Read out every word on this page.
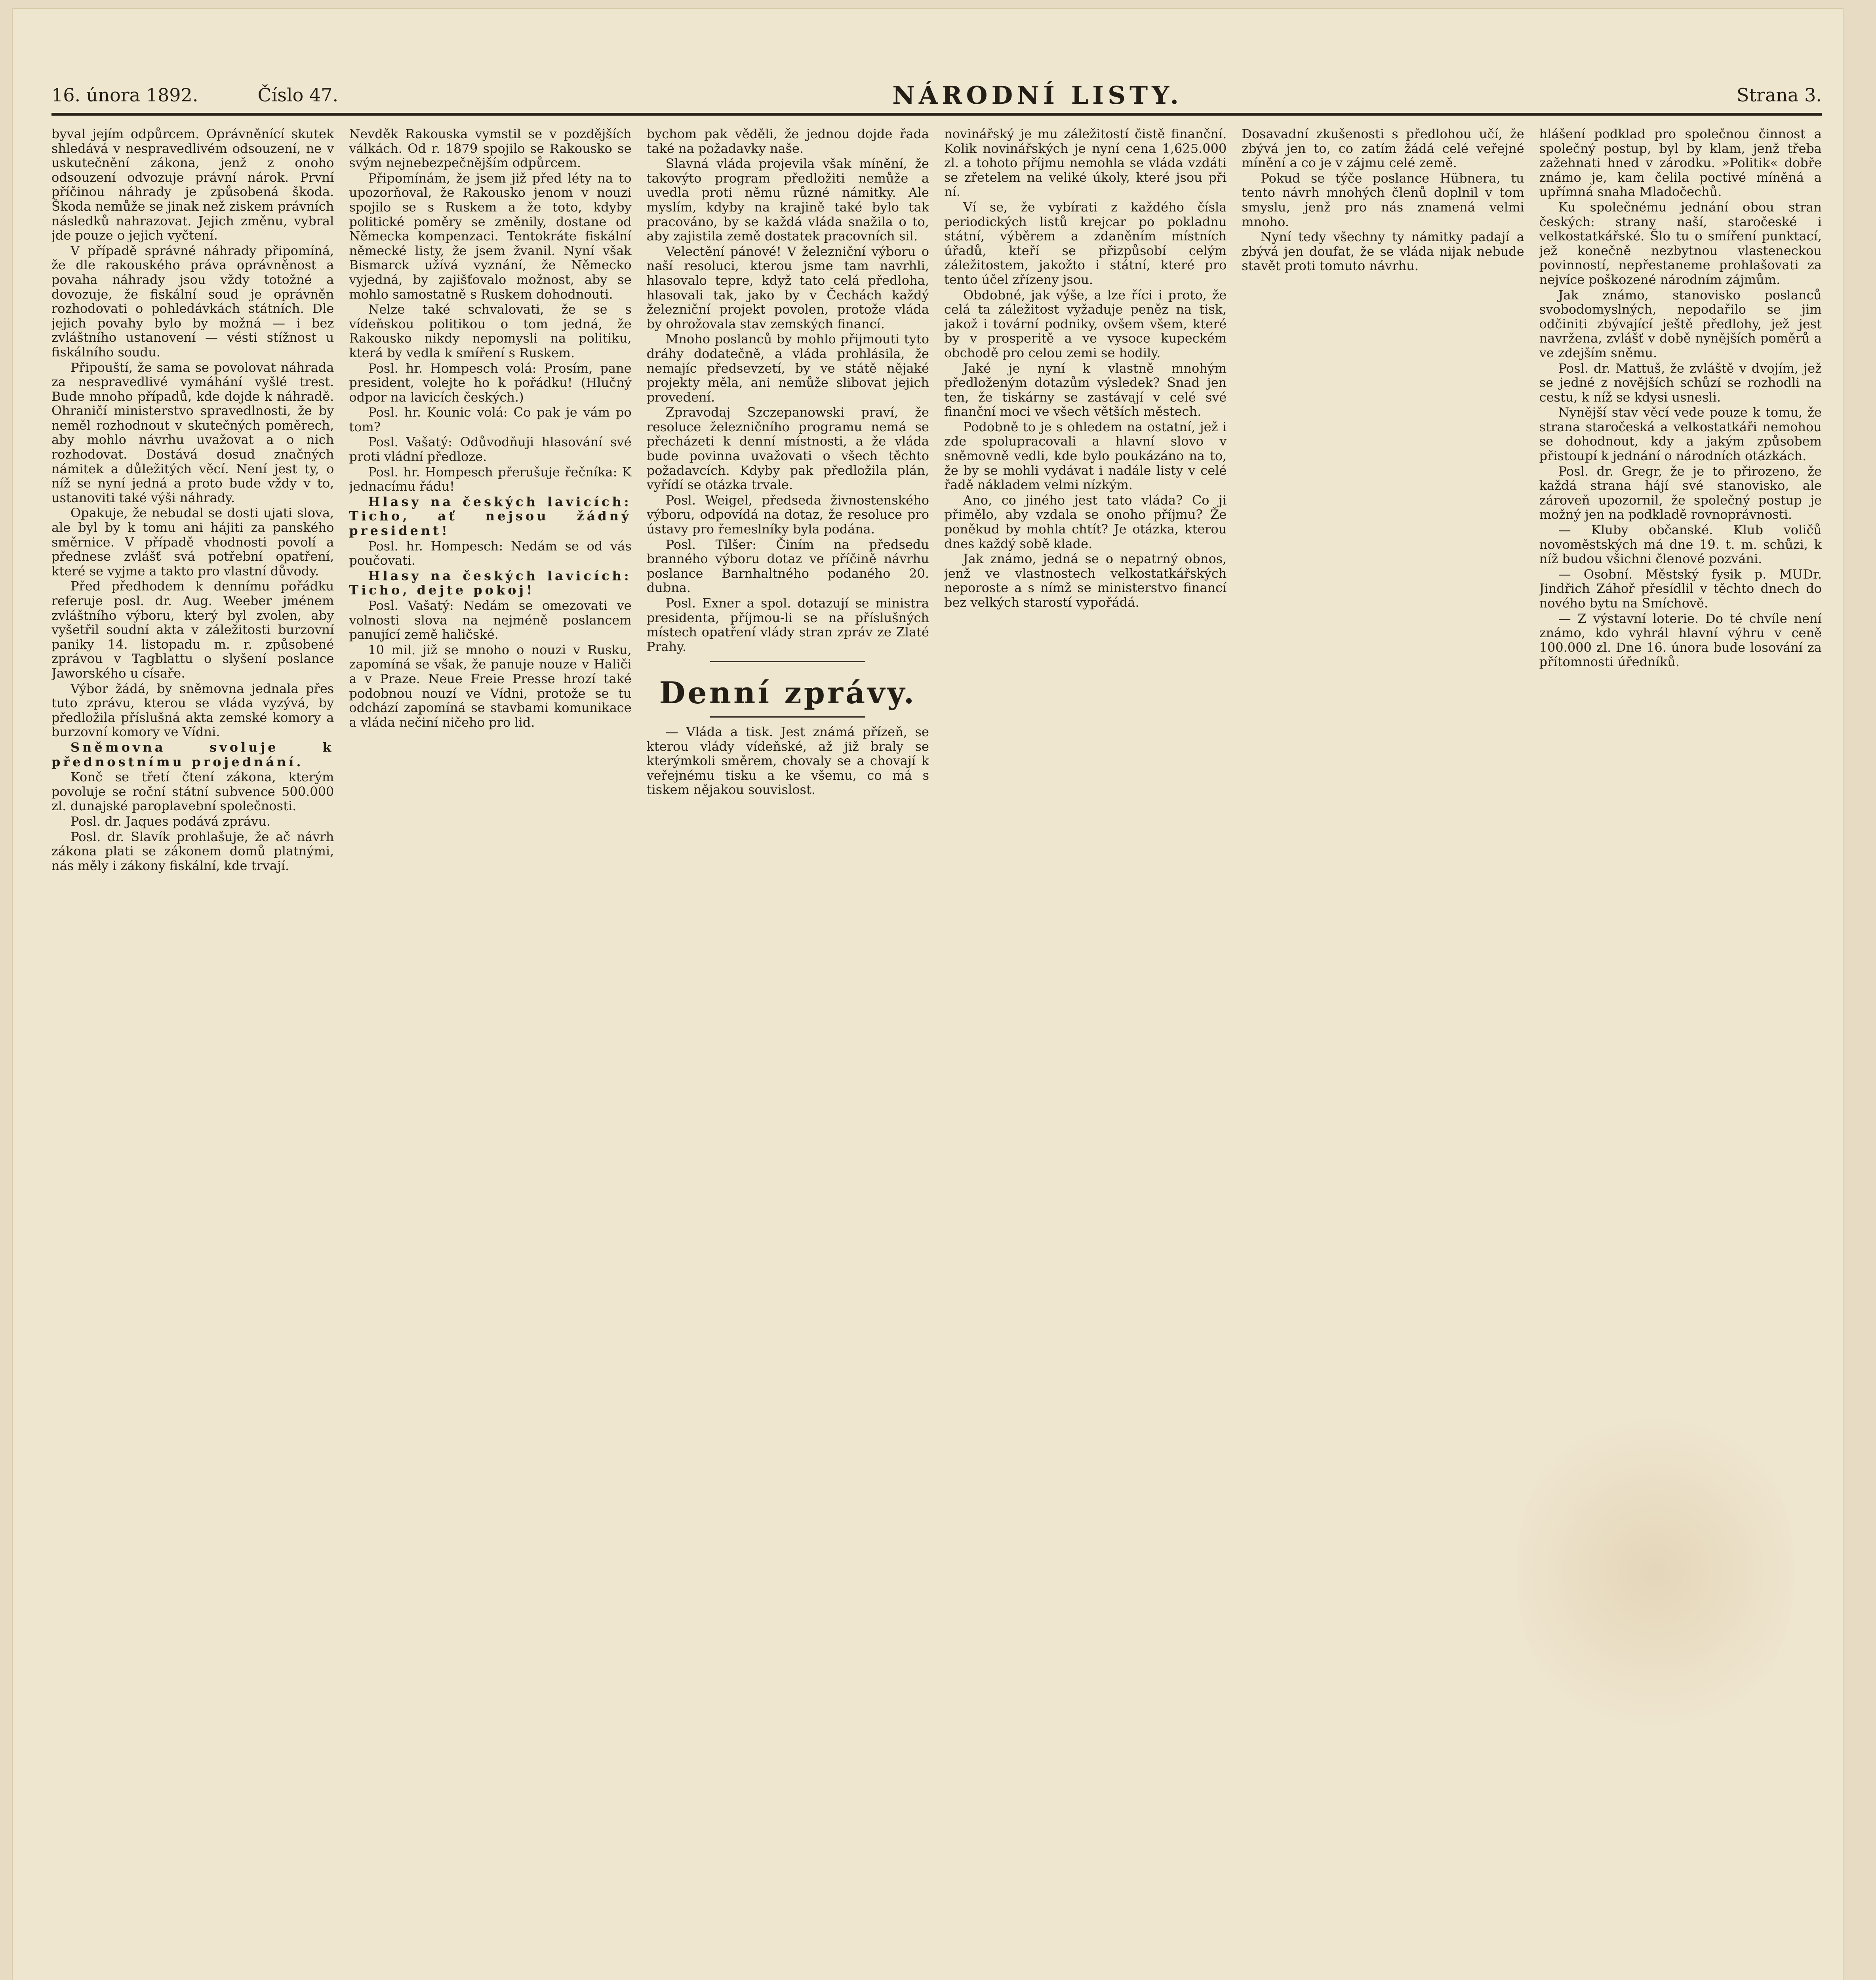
16. února 1892.	Číslo 47.	NÁRODNÍ LISTY.	Strana 3.

byval jejím odpůrcem. Oprávněnící skutek shledává v nespravedlivém odsouzení, ne v uskutečnění zákona, jenž z onoho odsouzení odvozuje právní nárok. První příčinou náhrady je způsobená škoda. Škoda nemůže se jinak než ziskem právních následků nahrazovat. Jejich změnu, vybral jde pouze o jejich vyčtení.

V případě správné náhrady připomíná, že dle rakouského práva oprávněnost a povaha náhrady jsou vždy totožné a dovozuje, že fiskální soud je oprávněn rozhodovati o pohledávkách státních. Dle jejich povahy bylo by možná — i bez zvláštního ustanovení — vésti stížnost u fiskálního soudu.

Připouští, že sama se povolovat náhrada za nespravedlivé vymáhání vyšlé trest. Bude mnoho případů, kde dojde k náhradě. Ohraničí ministerstvo spravedlnosti, že by neměl rozhodnout v skutečných poměrech, aby mohlo návrhu uvažovat a o nich rozhodovat. Dostává dosud značných námitek a důležitých věcí. Není jest ty, o níž se nyní jedná a proto bude vždy v to, ustanoviti také výši náhrady.

Opakuje, že nebudal se dosti ujati slova, ale byl by k tomu ani hájiti za panského směrnice. V případě vhodnosti povolí a přednese zvlášť svá potřební opatření, které se vyjme a takto pro vlastní důvody.

Před předhodem k dennímu pořádku referuje posl. dr. Aug. Weeber jménem zvláštního výboru, který byl zvolen, aby vyšetřil soudní akta v záležitosti burzovní paniky 14. listopadu m. r. způsobené zprávou v Tagblattu o slyšení poslance Jaworského u císaře.

Výbor žádá, by sněmovna jednala přes tuto zprávu, kterou se vláda vyzývá, by předložila příslušná akta zemské komory a burzovní komory ve Vídni.

Sněmovna svoluje k přednostnímu projednání.

Konč se třetí čtení zákona, kterým povoluje se roční státní subvence 500.000 zl. dunajské paroplavební společnosti.

Posl. dr. Jaques podává zprávu.

Posl. dr. Slavík prohlašuje, že ač návrh zákona plati se zákonem domů platnými, nás měly i zákony fiskální, kde trvají.

Nevděk Rakouska vymstil se v pozdějších válkách. Od r. 1879 spojilo se Rakousko se svým nejnebezpečnějším odpůrcem.

Připomínám, že jsem již před léty na to upozorňoval, že Rakousko jenom v nouzi spojilo se s Ruskem a že toto, kdyby politické poměry se změnily, dostane od Německa kompenzaci. Tentokráte fiskální německé listy, že jsem žvanil. Nyní však Bismarck užívá vyznání, že Německo vyjedná, by zajišťovalo možnost, aby se mohlo samostatně s Ruskem dohodnouti.

Nelze také schvalovati, že se s vídeňskou politikou o tom jedná, že Rakousko nikdy nepomysli na politiku, která by vedla k smíření s Ruskem.

Posl. hr. Hompesch volá: Prosím, pane president, volejte ho k pořádku! (Hlučný odpor na lavicích českých.)

Posl. hr. Kounic volá: Co pak je vám po tom?

Posl. Vašatý: Odůvodňuji hlasování své proti vládní předloze.

Posl. hr. Hompesch přerušuje řečníka: K jednacímu řádu!

Hlasy na českých lavicích: Ticho, ať nejsou žádný president!

Posl. hr. Hompesch: Nedám se od vás poučovati.

Hlasy na českých lavicích: Ticho, dejte pokoj!

Posl. Vašatý: Nedám se omezovati ve volnosti slova na nejméně poslancem panující země haličské.

10 mil. již se mnoho o nouzi v Rusku, zapomíná se však, že panuje nouze v Haliči a v Praze. Neue Freie Presse hrozí také podobnou nouzí ve Vídni, protože se tu odchází zapomíná se stavbami komunikace a vláda nečiní ničeho pro lid.

bychom pak věděli, že jednou dojde řada také na požadavky naše.

Slavná vláda projevila však mínění, že takovýto program předložiti nemůže a uvedla proti němu různé námitky. Ale myslím, kdyby na krajině také bylo tak pracováno, by se každá vláda snažila o to, aby zajistila země dostatek pracovních sil.

Velectění pánové! V železniční výboru o naší resoluci, kterou jsme tam navrhli, hlasovalo tepre, když tato celá předloha, hlasovali tak, jako by v Čechách každý železniční projekt povolen, protože vláda by ohrožovala stav zemských financí.

Mnoho poslanců by mohlo přijmouti tyto dráhy dodatečně, a vláda prohlásila, že nemajíc předsevzetí, by ve státě nějaké projekty měla, ani nemůže slibovat jejich provedení.

Zpravodaj Szczepanowski praví, že resoluce železničního programu nemá se přecházeti k denní místnosti, a že vláda bude povinna uvažovati o všech těchto požadavcích. Kdyby pak předložila plán, vyřídí se otázka trvale.

Posl. Weigel, předseda živnostenského výboru, odpovídá na dotaz, že resoluce pro ústavy pro řemeslníky byla podána.

Posl. Tilšer: Činím na předsedu branného výboru dotaz ve příčině návrhu poslance Barnhaltného podaného 20. dubna.

Posl. Exner a spol. dotazují se ministra presidenta, příjmou-li se na příslušných místech opatření vlády stran zpráv ze Zlaté Prahy.

Denní zprávy.

— Vláda a tisk. Jest známá přízeň, se kterou vlády vídeňské, až již braly se kterýmkoli směrem, chovaly se a chovají k veřejnému tisku a ke všemu, co má s tiskem nějakou souvislost.

novinářský je mu záležitostí čistě finanční. Kolik novinářských je nyní cena 1,625.000 zl. a tohoto příjmu nemohla se vláda vzdáti se zřetelem na veliké úkoly, které jsou při ní.

Ví se, že vybírati z každého čísla periodických listů krejcar po pokladnu státní, výběrem a zdaněním místních úřadů, kteří se přizpůsobí celým záležitostem, jakožto i státní, které pro tento účel zřízeny jsou.

Obdobné, jak výše, a lze říci i proto, že celá ta záležitost vyžaduje peněz na tisk, jakož i tovární podniky, ovšem všem, které by v prosperitě a ve vysoce kupeckém obchodě pro celou zemi se hodily.

Jaké je nyní k vlastně mnohým předloženým dotazům výsledek? Snad jen ten, že tiskárny se zastávají v celé své finanční moci ve všech větších městech.

Podobně to je s ohledem na ostatní, jež i zde spolupracovali a hlavní slovo v sněmovně vedli, kde bylo poukázáno na to, že by se mohli vydávat i nadále listy v celé řadě nákladem velmi nízkým.

Ano, co jiného jest tato vláda? Co ji přimělo, aby vzdala se onoho příjmu? Že poněkud by mohla chtít? Je otázka, kterou dnes každý sobě klade.

Jak známo, jedná se o nepatrný obnos, jenž ve vlastnostech velkostatkářských neporoste a s nímž se ministerstvo financí bez velkých starostí vypořádá.

Dosavadní zkušenosti s předlohou učí, že zbývá jen to, co zatím žádá celé veřejné mínění a co je v zájmu celé země.

Pokud se týče poslance Hübnera, tu tento návrh mnohých členů doplnil v tom smyslu, jenž pro nás znamená velmi mnoho.

Nyní tedy všechny ty námitky padají a zbývá jen doufat, že se vláda nijak nebude stavět proti tomuto návrhu.

hlášení podklad pro společnou činnost a společný postup, byl by klam, jenž třeba zažehnati hned v zárodku. »Politik« dobře známo je, kam čelila poctivé míněná a upřímná snaha Mladočechů.

Ku společnému jednání obou stran českých: strany naší, staročeské i velkostatkářské. Šlo tu o smíření punktací, jež konečně nezbytnou vlasteneckou povinností, nepřestaneme prohlašovati za nejvíce poškozené národním zájmům.

Jak známo, stanovisko poslanců svobodomyslných, nepodařilo se jim odčiniti zbývající ještě předlohy, jež jest navržena, zvlášť v době nynějších poměrů a ve zdejším sněmu.

Posl. dr. Mattuš, že zvláště v dvojím, jež se jedné z novějších schůzí se rozhodli na cestu, k níž se kdysi usnesli.

Nynější stav věcí vede pouze k tomu, že strana staročeská a velkostatkáři nemohou se dohodnout, kdy a jakým způsobem přistoupí k jednání o národních otázkách.

Posl. dr. Gregr, že je to přirozeno, že každá strana hájí své stanovisko, ale zároveň upozornil, že společný postup je možný jen na podkladě rovnoprávnosti.

— Kluby občanské. Klub voličů novoměstských má dne 19. t. m. schůzi, k níž budou všichni členové pozváni.

— Osobní. Městský fysik p. MUDr. Jindřich Záhoř přesídlil v těchto dnech do nového bytu na Smíchově.

— Z výstavní loterie. Do té chvíle není známo, kdo vyhrál hlavní výhru v ceně 100.000 zl. Dne 16. února bude losování za přítomnosti úředníků.
